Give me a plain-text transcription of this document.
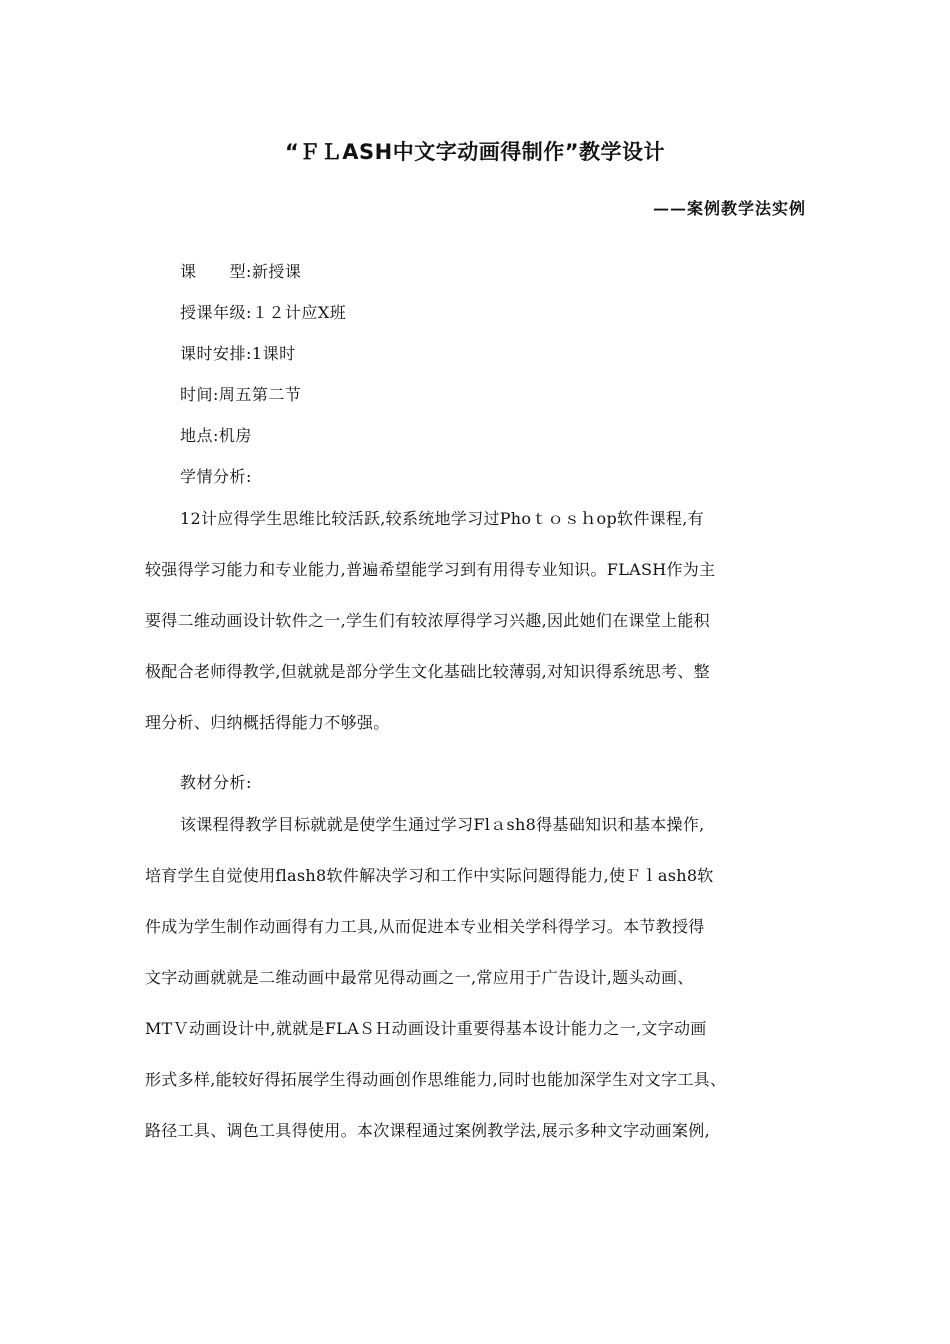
“ＦＬASH中文字动画得制作”教学设计
——案例教学法实例
课　　型:新授课
授课年级:１２计应X班
课时安排:1课时
时间:周五第二节
地点:机房
学情分析:
12计应得学生思维比较活跃,较系统地学习过Phoｔｏｓｈop软件课程,有
较强得学习能力和专业能力,普遍希望能学习到有用得专业知识。FLASH作为主
要得二维动画设计软件之一,学生们有较浓厚得学习兴趣,因此她们在课堂上能积
极配合老师得教学,但就就是部分学生文化基础比较薄弱,对知识得系统思考、整
理分析、归纳概括得能力不够强。
教材分析:
该课程得教学目标就就是使学生通过学习Flａsh8得基础知识和基本操作,
培育学生自觉使用flash8软件解决学习和工作中实际问题得能力,使Ｆｌash8软
件成为学生制作动画得有力工具,从而促进本专业相关学科得学习。本节教授得
文字动画就就是二维动画中最常见得动画之一,常应用于广告设计,题头动画、
MTＶ动画设计中,就就是FLAＳＨ动画设计重要得基本设计能力之一,文字动画
形式多样,能较好得拓展学生得动画创作思维能力,同时也能加深学生对文字工具、
路径工具、调色工具得使用。本次课程通过案例教学法,展示多种文字动画案例,
